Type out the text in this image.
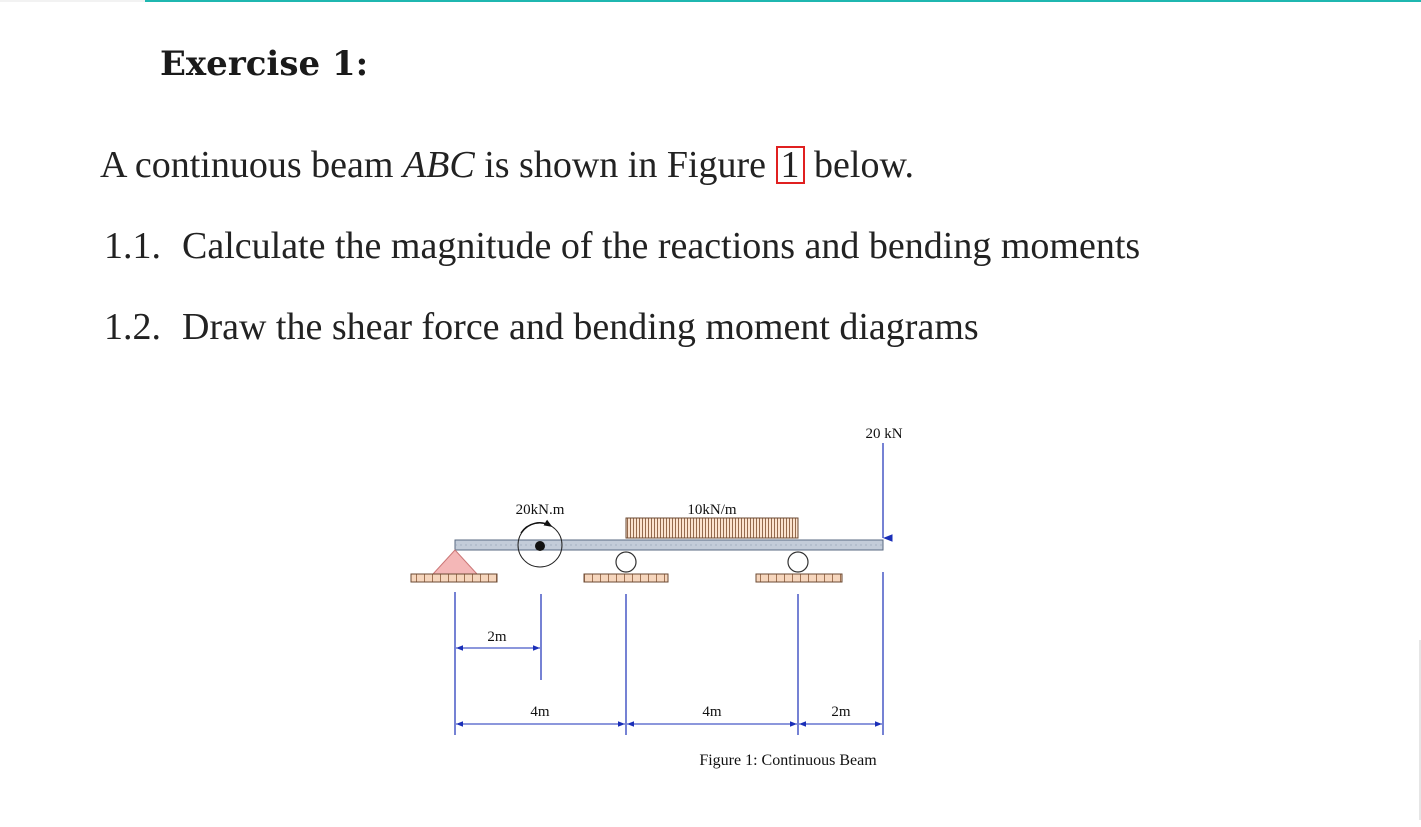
Exercise 1:

A continuous beam ABC is shown in Figure 1 below.

1.1. Calculate the magnitude of the reactions and bending moments

1.2. Draw the shear force and bending moment diagrams

20 kN
20kN.m	10kN/m
2m
4m	4m	2m
Figure 1: Continuous Beam
